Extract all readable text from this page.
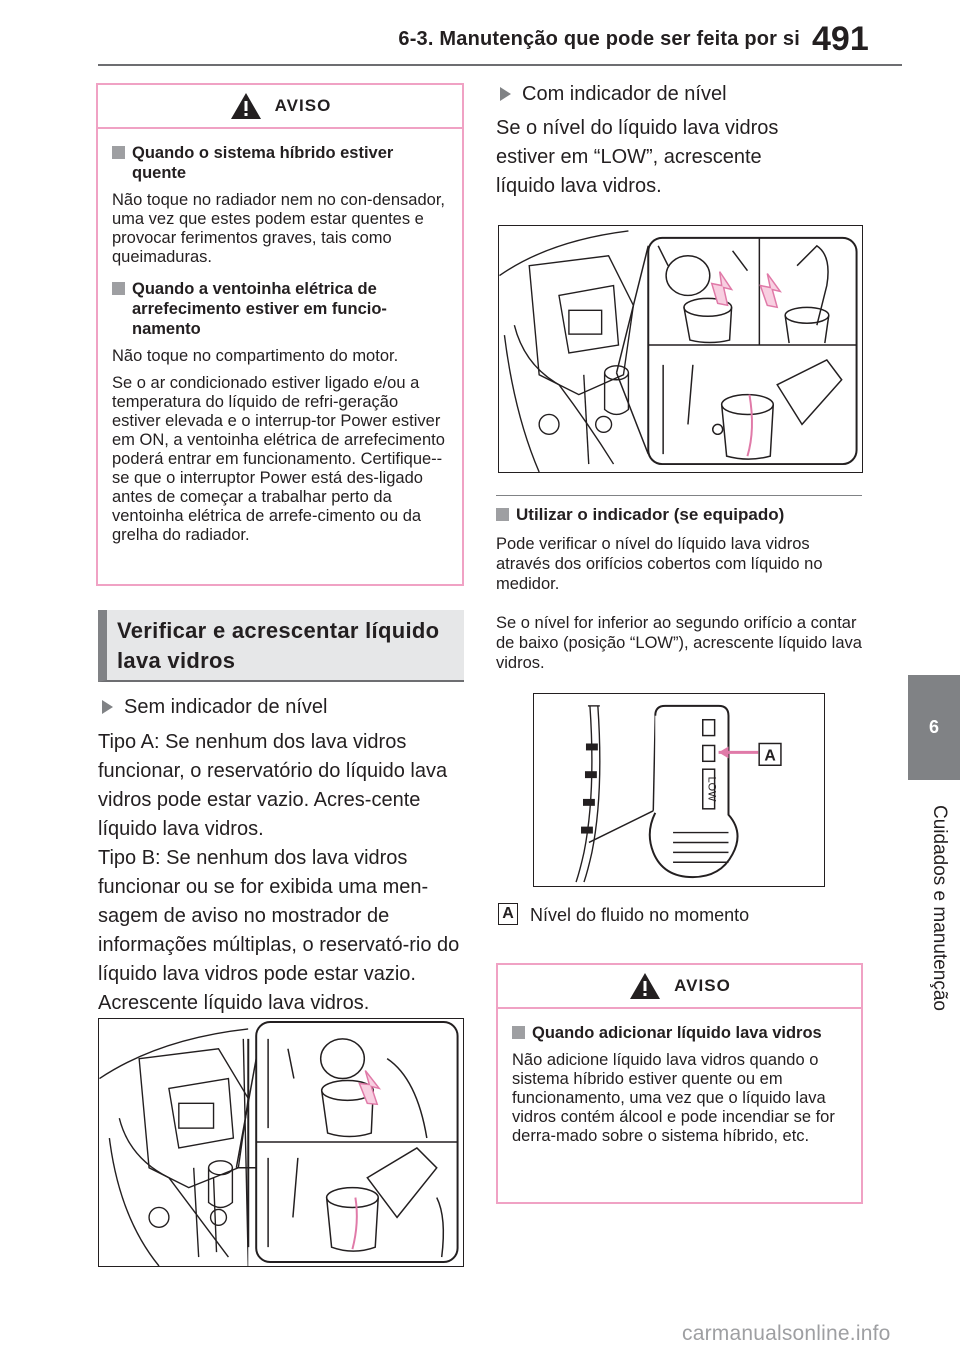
6-3. Manutenção que pode ser feita por si 491
6
Cuidados e manutenção
AVISO
Quando o sistema híbrido estiver quente
Não toque no radiador nem no con-densador, uma vez que estes podem estar quentes e provocar ferimentos graves, tais como queimaduras.
Quando a ventoinha elétrica de arrefecimento estiver em funcio-namento
Não toque no compartimento do motor.
Se o ar condicionado estiver ligado e/ou a temperatura do líquido de refri-geração estiver elevada e o interrup-tor Power estiver em ON, a ventoinha elétrica de arrefecimento poderá entrar em funcionamento. Certifique--se que o interruptor Power está des-ligado antes de começar a trabalhar perto da ventoinha elétrica de arrefe-cimento ou da grelha do radiador.
Verificar e acrescentar líquido lava vidros
Sem indicador de nível
Tipo A: Se nenhum dos lava vidros funcionar, o reservatório do líquido lava vidros pode estar vazio. Acres-cente líquido lava vidros.
Tipo B: Se nenhum dos lava vidros funcionar ou se for exibida uma men-sagem de aviso no mostrador de informações múltiplas, o reservató-rio do líquido lava vidros pode estar vazio. Acrescente líquido lava vidros.
Com indicador de nível
Se o nível do líquido lava vidros estiver em “LOW”, acrescente líquido lava vidros.
Utilizar o indicador (se equipado)
Pode verificar o nível do líquido lava vidros através dos orifícios cobertos com líquido no medidor.
Se o nível for inferior ao segundo orifício a contar de baixo (posição “LOW”), acrescente líquido lava vidros.
LOW
A
A Nível do fluido no momento
AVISO
Quando adicionar líquido lava vidros
Não adicione líquido lava vidros quando o sistema híbrido estiver quente ou em funcionamento, uma vez que o líquido lava vidros contém álcool e pode incendiar se for derra-mado sobre o sistema híbrido, etc.
carmanualsonline.info
